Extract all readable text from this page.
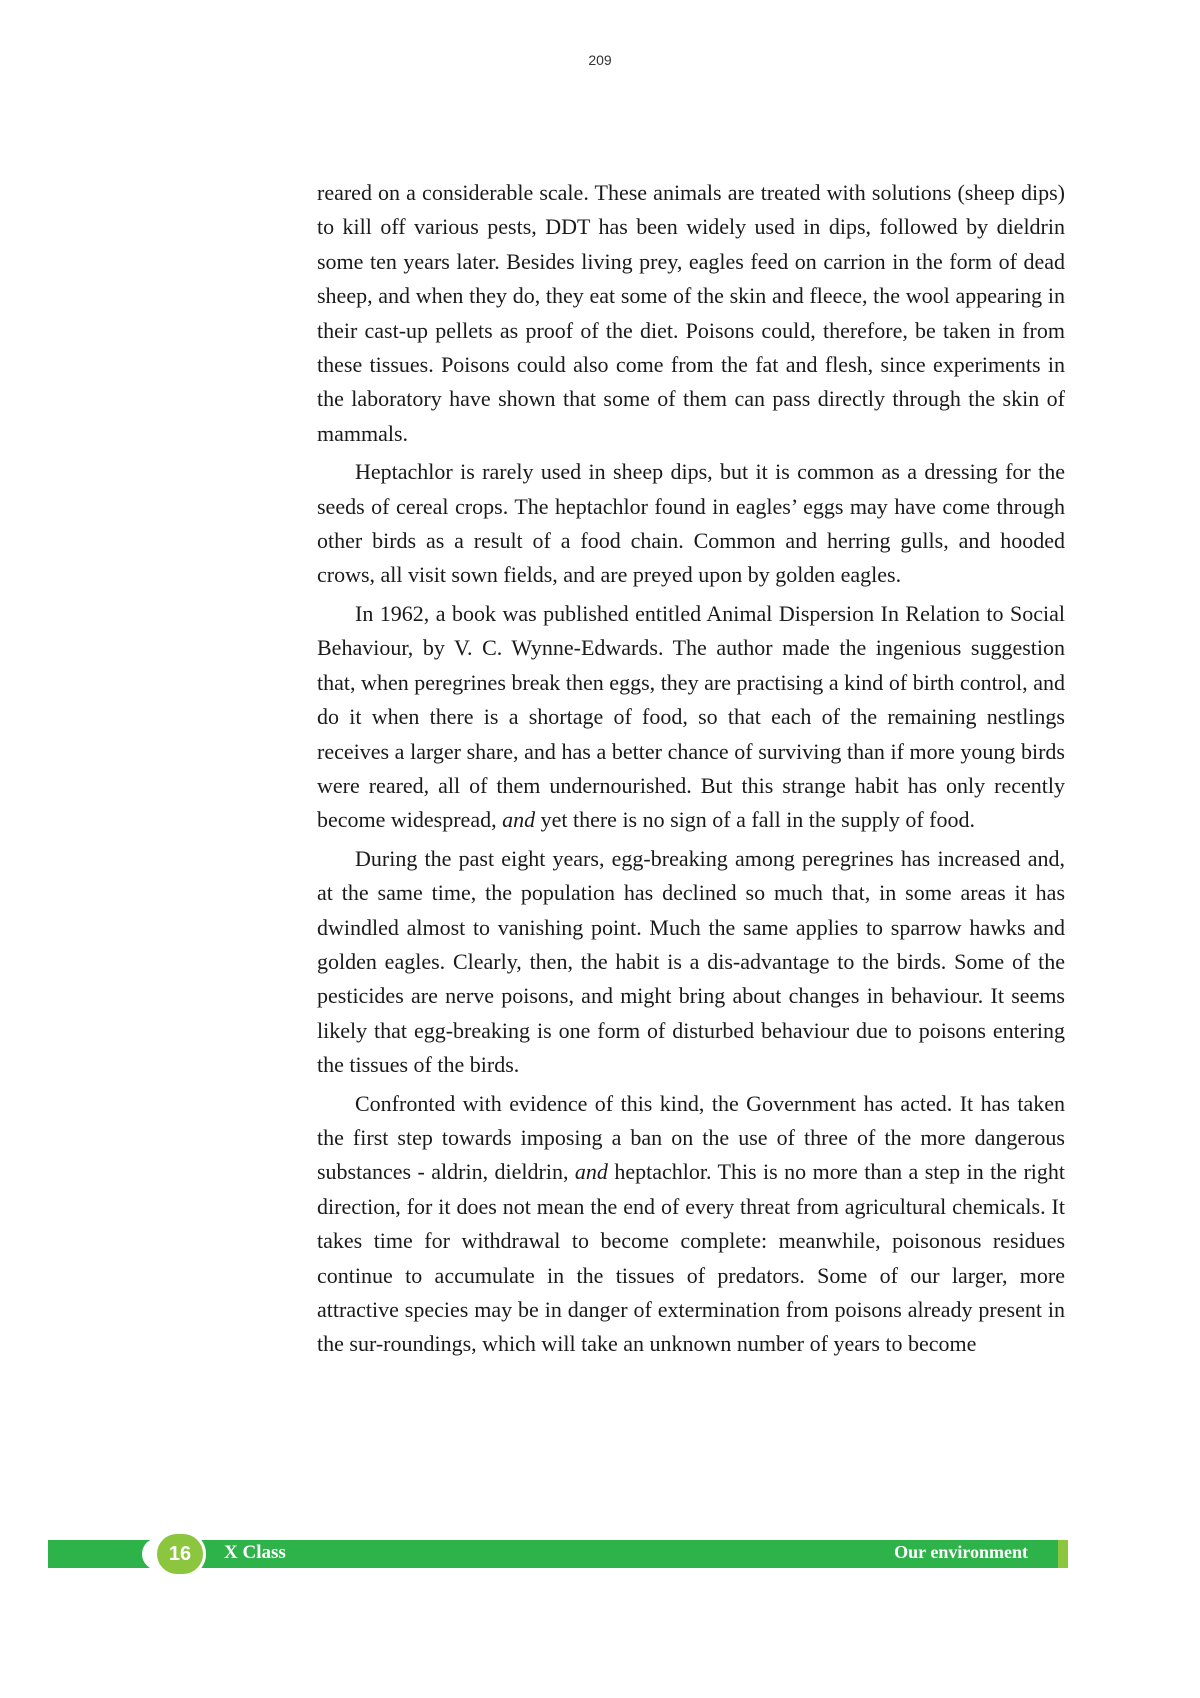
209

reared on a considerable scale. These animals are treated with solutions (sheep dips) to kill off various pests, DDT has been widely used in dips, followed by dieldrin some ten years later. Besides living prey, eagles feed on carrion in the form of dead sheep, and when they do, they eat some of the skin and fleece, the wool appearing in their cast-up pellets as proof of the diet. Poisons could, therefore, be taken in from these tissues. Poisons could also come from the fat and flesh, since experiments in the laboratory have shown that some of them can pass directly through the skin of mammals.

Heptachlor is rarely used in sheep dips, but it is common as a dressing for the seeds of cereal crops. The heptachlor found in eagles’ eggs may have come through other birds as a result of a food chain. Common and herring gulls, and hooded crows, all visit sown fields, and are preyed upon by golden eagles.

In 1962, a book was published entitled Animal Dispersion In Relation to Social Behaviour, by V. C. Wynne-Edwards. The author made the ingenious suggestion that, when peregrines break then eggs, they are practising a kind of birth control, and do it when there is a shortage of food, so that each of the remaining nestlings receives a larger share, and has a better chance of surviving than if more young birds were reared, all of them undernourished. But this strange habit has only recently become widespread, and yet there is no sign of a fall in the supply of food.

During the past eight years, egg-breaking among peregrines has increased and, at the same time, the population has declined so much that, in some areas it has dwindled almost to vanishing point. Much the same applies to sparrow hawks and golden eagles. Clearly, then, the habit is a dis-advantage to the birds. Some of the pesticides are nerve poisons, and might bring about changes in behaviour. It seems likely that egg-breaking is one form of disturbed behaviour due to poisons entering the tissues of the birds.

Confronted with evidence of this kind, the Government has acted. It has taken the first step towards imposing a ban on the use of three of the more dangerous substances - aldrin, dieldrin, and heptachlor. This is no more than a step in the right direction, for it does not mean the end of every threat from agricultural chemicals. It takes time for withdrawal to become complete: meanwhile, poisonous residues continue to accumulate in the tissues of predators. Some of our larger, more attractive species may be in danger of extermination from poisons already present in the sur-roundings, which will take an unknown number of years to become

16	X Class	Our environment
